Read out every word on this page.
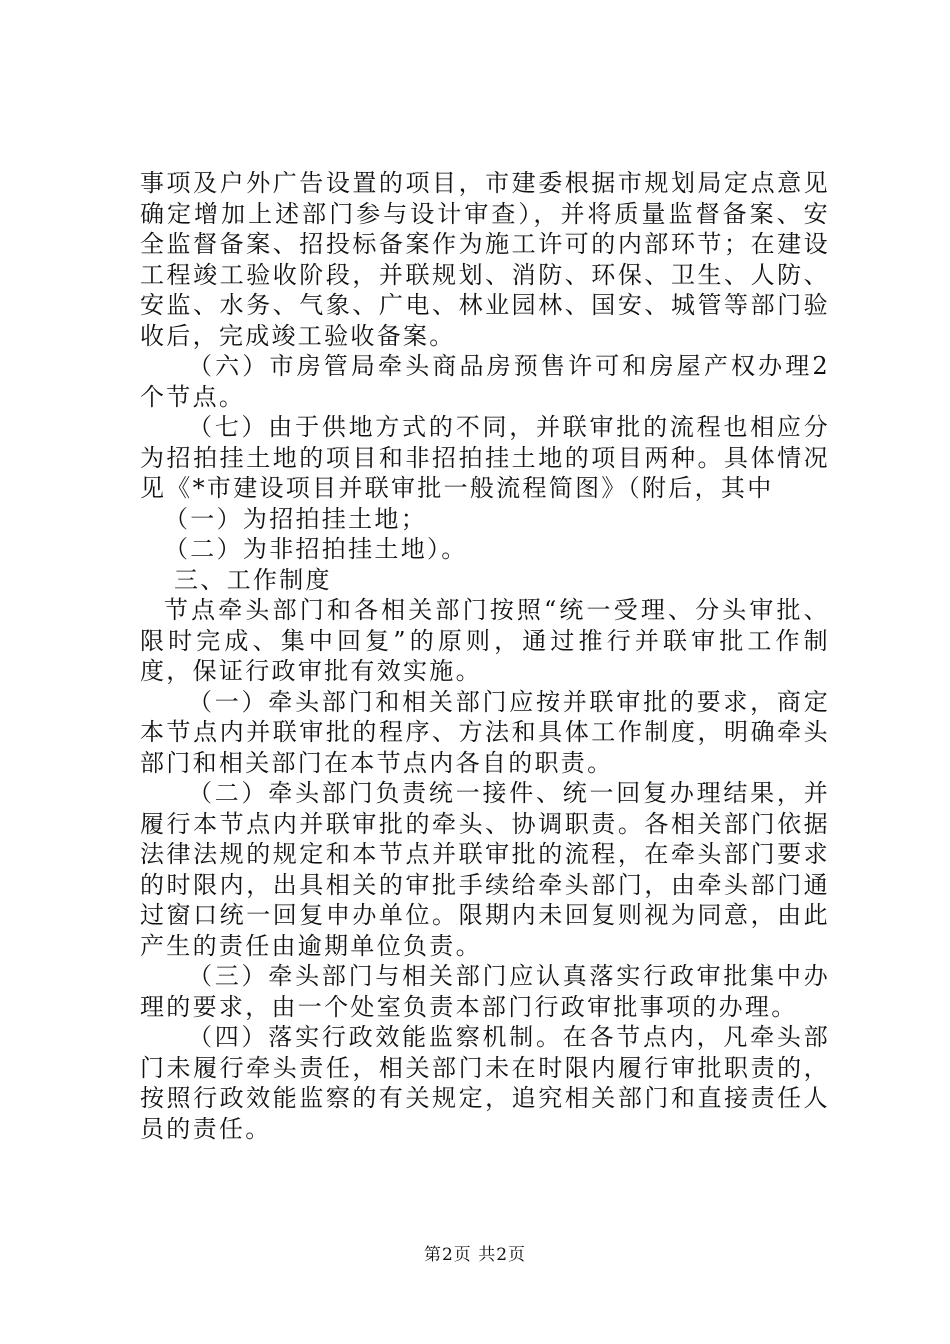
事项及户外广告设置的项目，市建委根据市规划局定点意见确定增加上述部门参与设计审查），并将质量监督备案、安全监督备案、招投标备案作为施工许可的内部环节；在建设工程竣工验收阶段，并联规划、消防、环保、卫生、人防、安监、水务、气象、广电、林业园林、国安、城管等部门验收后，完成竣工验收备案。

（六）市房管局牵头商品房预售许可和房屋产权办理2个节点。

（七）由于供地方式的不同，并联审批的流程也相应分为招拍挂土地的项目和非招拍挂土地的项目两种。具体情况见《*市建设项目并联审批一般流程简图》（附后，其中

（一）为招拍挂土地；

（二）为非招拍挂土地）。

三、工作制度

节点牵头部门和各相关部门按照“统一受理、分头审批、限时完成、集中回复”的原则，通过推行并联审批工作制度，保证行政审批有效实施。

（一）牵头部门和相关部门应按并联审批的要求，商定本节点内并联审批的程序、方法和具体工作制度，明确牵头部门和相关部门在本节点内各自的职责。

（二）牵头部门负责统一接件、统一回复办理结果，并履行本节点内并联审批的牵头、协调职责。各相关部门依据法律法规的规定和本节点并联审批的流程，在牵头部门要求的时限内，出具相关的审批手续给牵头部门，由牵头部门通过窗口统一回复申办单位。限期内未回复则视为同意，由此产生的责任由逾期单位负责。

（三）牵头部门与相关部门应认真落实行政审批集中办理的要求，由一个处室负责本部门行政审批事项的办理。

（四）落实行政效能监察机制。在各节点内，凡牵头部门未履行牵头责任，相关部门未在时限内履行审批职责的，按照行政效能监察的有关规定，追究相关部门和直接责任人员的责任。

第2页 共2页
